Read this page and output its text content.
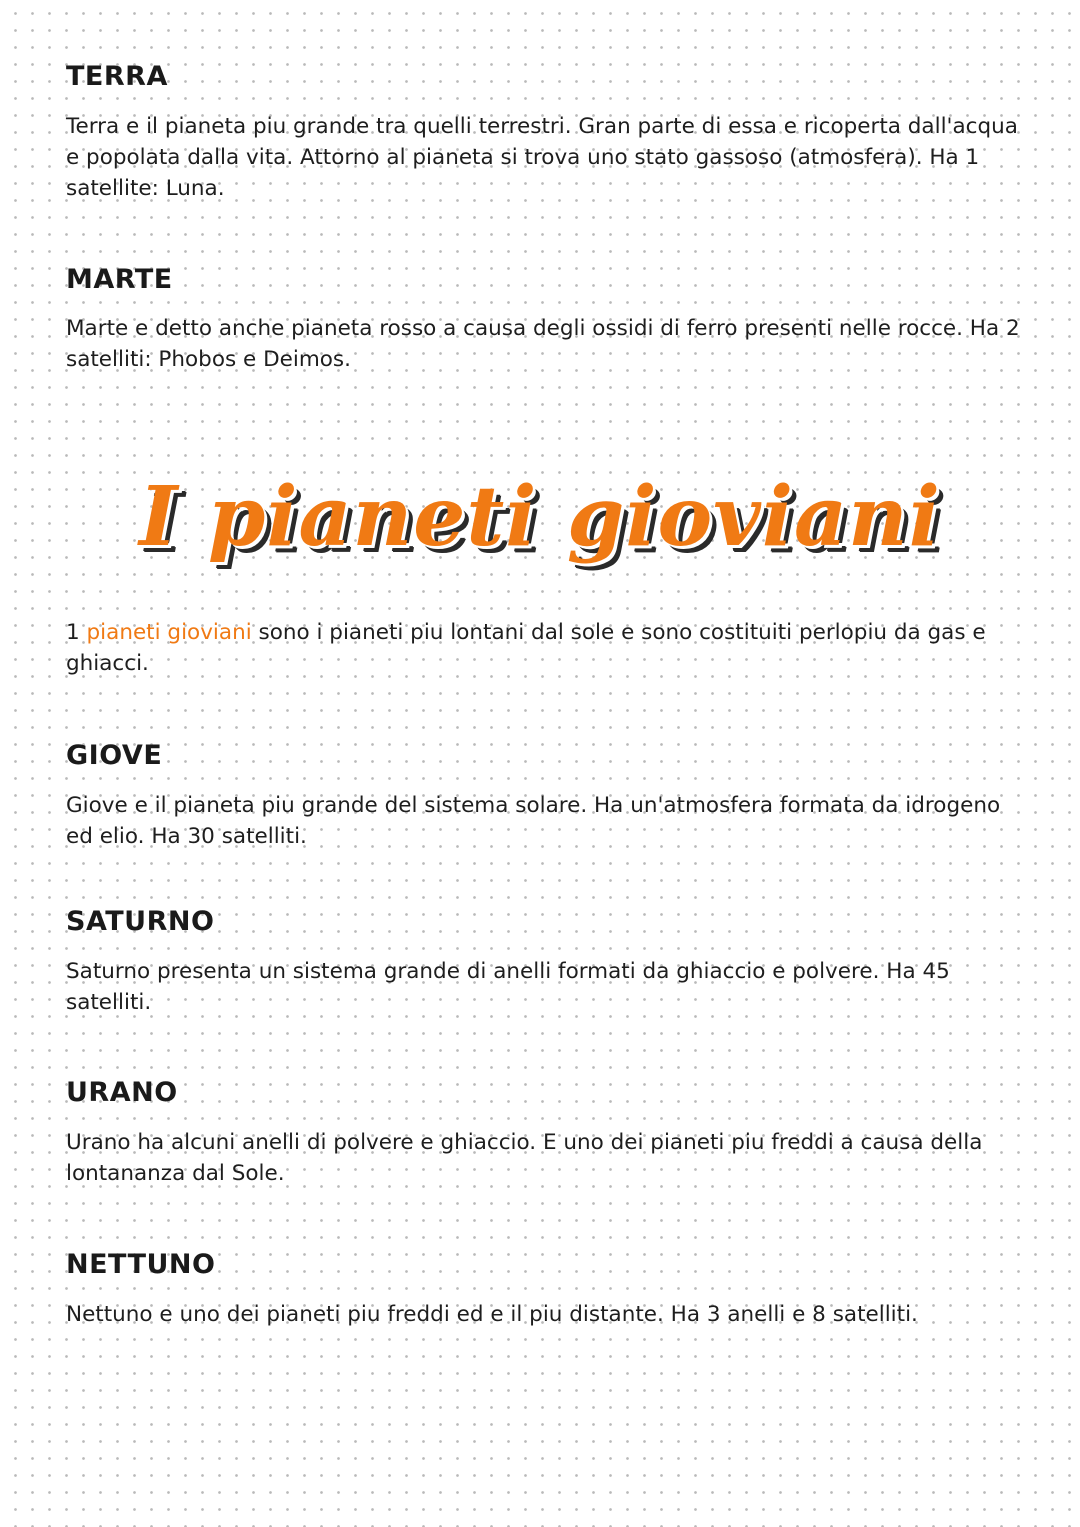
TERRA

Terra e il pianeta piu grande tra quelli terrestri. Gran parte di essa e ricoperta dall'acqua e popolata dalla vita. Attorno al pianeta si trova uno stato gassoso (atmosfera). Ha 1 satellite: Luna.

MARTE

Marte e detto anche pianeta rosso a causa degli ossidi di ferro presenti nelle rocce. Ha 2 satelliti: Phobos e Deimos.

I pianeti gioviani

1 pianeti gioviani sono i pianeti piu lontani dal sole e sono costituiti perlopiu da gas e ghiacci.

GIOVE

Giove e il pianeta piu grande del sistema solare. Ha un'atmosfera formata da idrogeno ed elio. Ha 30 satelliti.

SATURNO

Saturno presenta un sistema grande di anelli formati da ghiaccio e polvere. Ha 45 satelliti.

URANO

Urano ha alcuni anelli di polvere e ghiaccio. E uno dei pianeti piu freddi a causa della lontananza dal Sole.

NETTUNO

Nettuno e uno dei pianeti piu freddi ed e il piu distante. Ha 3 anelli e 8 satelliti.
